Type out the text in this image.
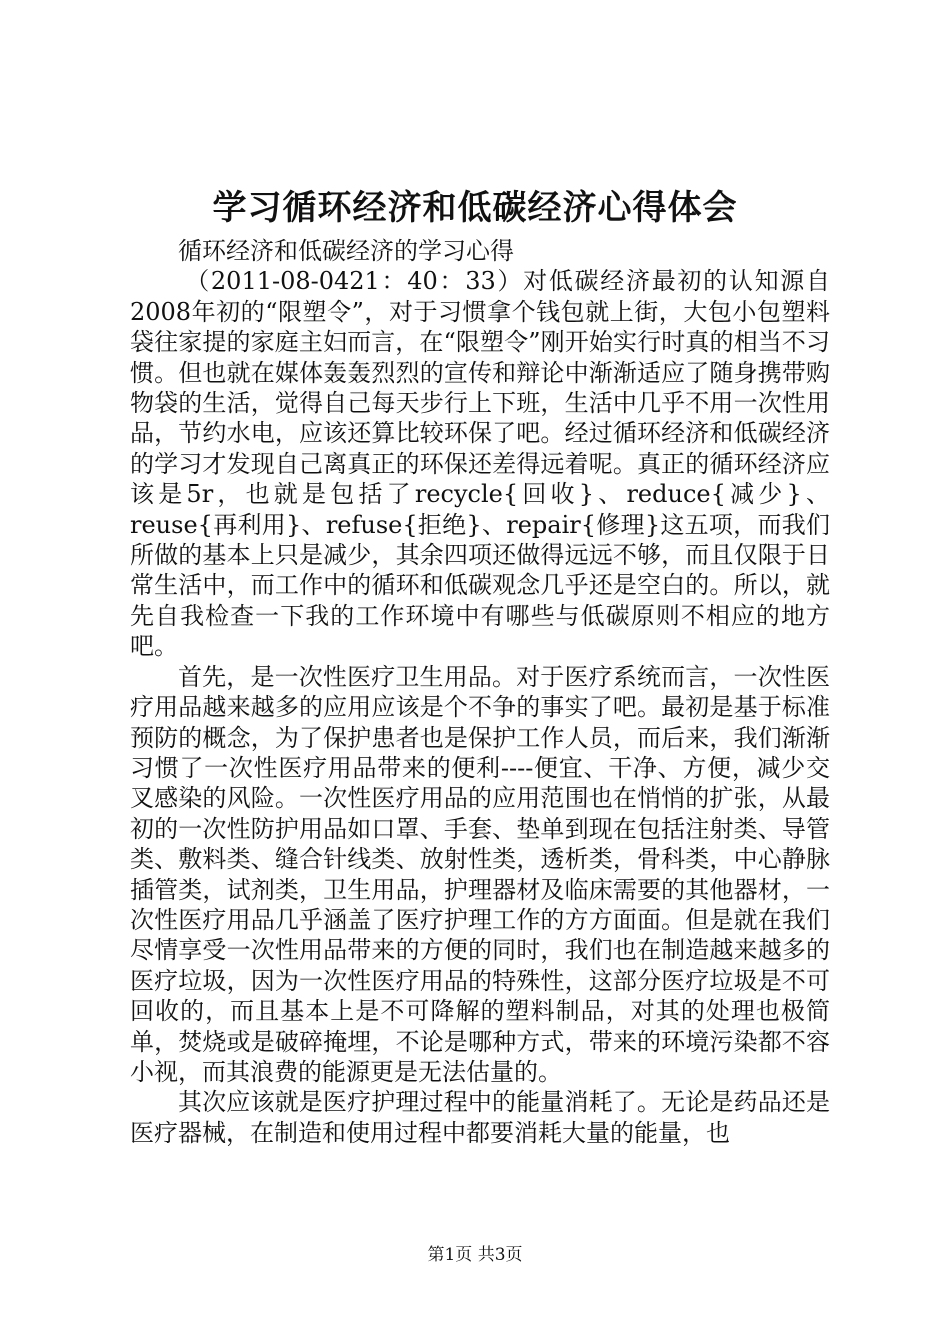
学习循环经济和低碳经济心得体会

循环经济和低碳经济的学习心得

（2011-08-0421：40：33）对低碳经济最初的认知源自2008年初的“限塑令”，对于习惯拿个钱包就上街，大包小包塑料袋往家提的家庭主妇而言，在“限塑令”刚开始实行时真的相当不习惯。但也就在媒体轰轰烈烈的宣传和辩论中渐渐适应了随身携带购物袋的生活，觉得自己每天步行上下班，生活中几乎不用一次性用品，节约水电，应该还算比较环保了吧。经过循环经济和低碳经济的学习才发现自己离真正的环保还差得远着呢。真正的循环经济应该是5r，也就是包括了recycle{回收}、reduce{减少}、reuse{再利用}、refuse{拒绝}、repair{修理}这五项，而我们所做的基本上只是减少，其余四项还做得远远不够，而且仅限于日常生活中，而工作中的循环和低碳观念几乎还是空白的。所以，就先自我检查一下我的工作环境中有哪些与低碳原则不相应的地方吧。

首先，是一次性医疗卫生用品。对于医疗系统而言，一次性医疗用品越来越多的应用应该是个不争的事实了吧。最初是基于标准预防的概念，为了保护患者也是保护工作人员，而后来，我们渐渐习惯了一次性医疗用品带来的便利----便宜、干净、方便，减少交叉感染的风险。一次性医疗用品的应用范围也在悄悄的扩张，从最初的一次性防护用品如口罩、手套、垫单到现在包括注射类、导管类、敷料类、缝合针线类、放射性类，透析类，骨科类，中心静脉插管类，试剂类，卫生用品，护理器材及临床需要的其他器材，一次性医疗用品几乎涵盖了医疗护理工作的方方面面。但是就在我们尽情享受一次性用品带来的方便的同时，我们也在制造越来越多的医疗垃圾，因为一次性医疗用品的特殊性，这部分医疗垃圾是不可回收的，而且基本上是不可降解的塑料制品，对其的处理也极简单，焚烧或是破碎掩埋，不论是哪种方式，带来的环境污染都不容小视，而其浪费的能源更是无法估量的。

其次应该就是医疗护理过程中的能量消耗了。无论是药品还是医疗器械，在制造和使用过程中都要消耗大量的能量，也

第1页 共3页
